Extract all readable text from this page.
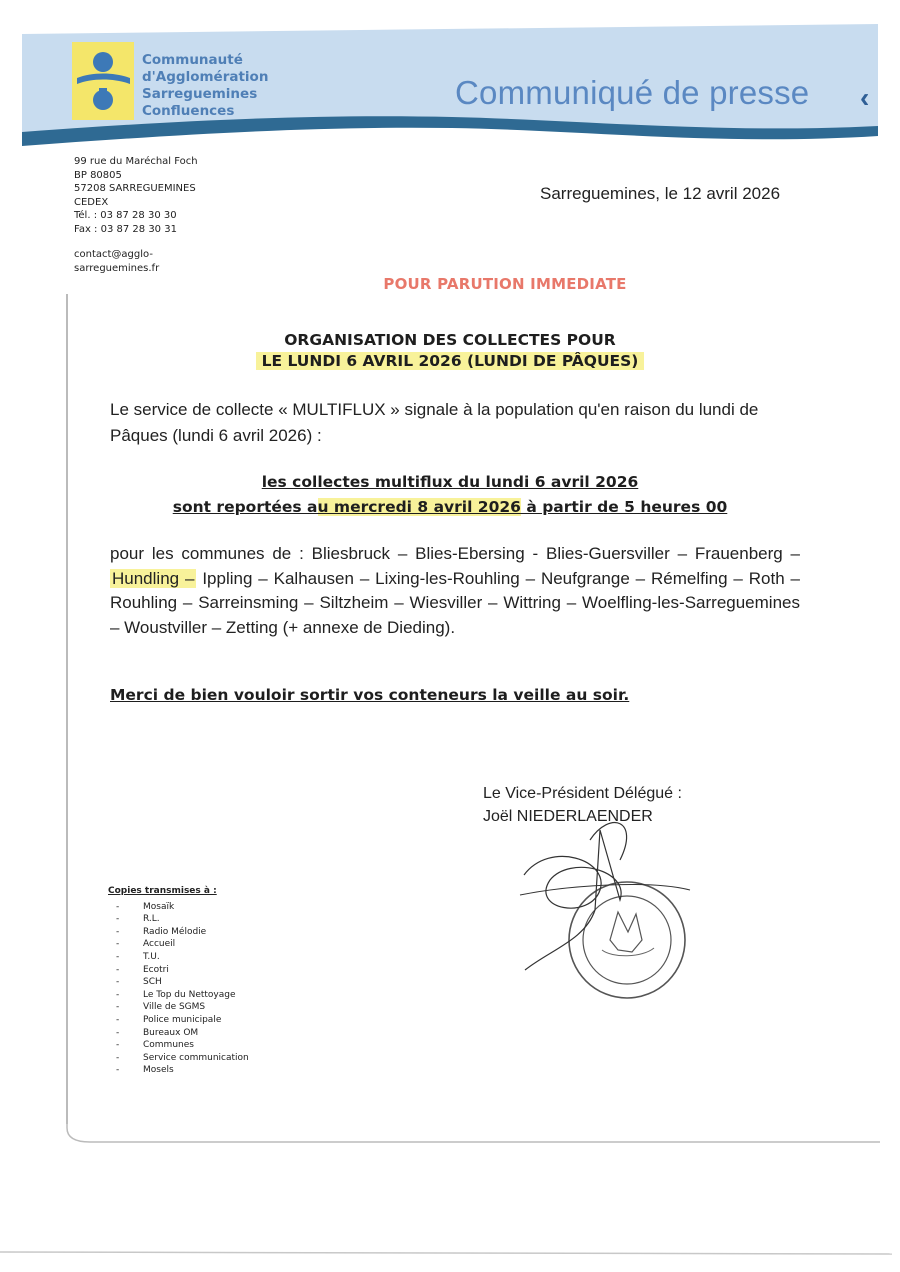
Communauté
d'Agglomération
Sarreguemines
Confluences	Communiqué de presse ‹
99 rue du Maréchal Foch
BP 80805
57208 SARREGUEMINES
CEDEX
Tél. : 03 87 28 30 30
Fax : 03 87 28 30 31
contact@agglo-
sarreguemines.fr
Sarreguemines, le 12 avril 2026
POUR PARUTION IMMEDIATE
ORGANISATION DES COLLECTES POUR
LE LUNDI 6 AVRIL 2026 (LUNDI DE PÂQUES)
Le service de collecte « MULTIFLUX » signale à la population qu'en raison du lundi de Pâques (lundi 6 avril 2026) :
les collectes multiflux du lundi 6 avril 2026
sont reportées au mercredi 8 avril 2026 à partir de 5 heures 00
pour les communes de : Bliesbruck – Blies-Ebersing - Blies-Guersviller – Frauenberg – Hundling – Ippling – Kalhausen – Lixing-les-Rouhling – Neufgrange – Rémelfing – Roth – Rouhling – Sarreinsming – Siltzheim – Wiesviller – Wittring – Woelfling-les-Sarreguemines – Woustviller – Zetting (+ annexe de Dieding).
Merci de bien vouloir sortir vos conteneurs la veille au soir.
Le Vice-Président Délégué :
Joël NIEDERLAENDER
Copies transmises à :
- Mosaïk
- R.L.
- Radio Mélodie
- Accueil
- T.U.
- Ecotri
- SCH
- Le Top du Nettoyage
- Ville de SGMS
- Police municipale
- Bureaux OM
- Communes
- Service communication
- Mosels
